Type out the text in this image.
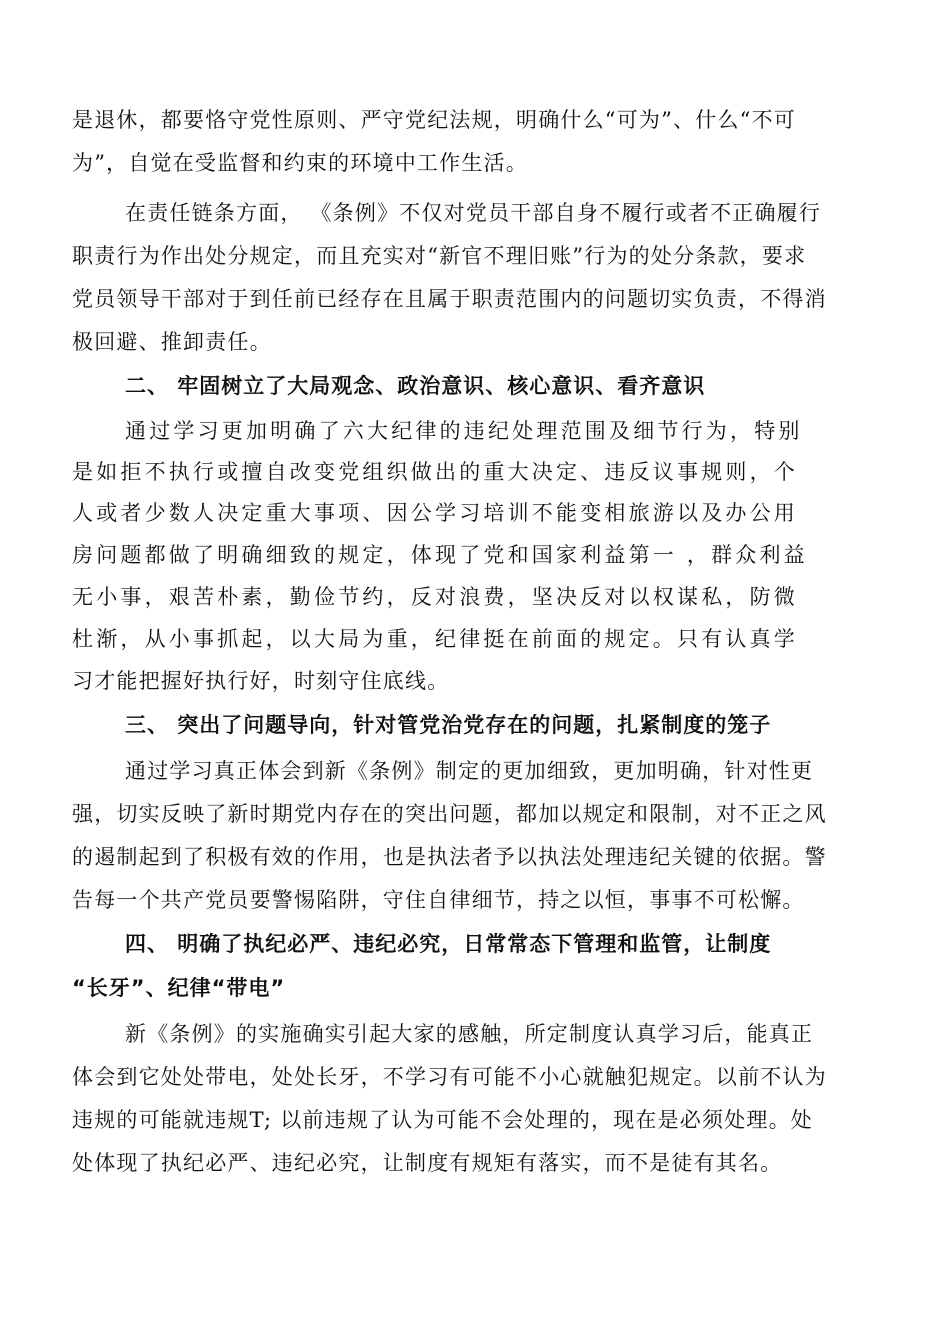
是退休，都要恪守党性原则、严守党纪法规，明确什么“可为”、什么“不可
为”，自觉在受监督和约束的环境中工作生活。
在责任链条方面， 《条例》不仅对党员干部自身不履行或者不正确履行
职责行为作出处分规定，而且充实对“新官不理旧账”行为的处分条款，要求
党员领导干部对于到任前已经存在且属于职责范围内的问题切实负责，不得消
极回避、推卸责任。
二、 牢固树立了大局观念、政治意识、核心意识、看齐意识
通过学习更加明确了六大纪律的违纪处理范围及细节行为，特别
是如拒不执行或擅自改变党组织做出的重大决定、违反议事规则，个
人或者少数人决定重大事项、因公学习培训不能变相旅游以及办公用
房问题都做了明确细致的规定，体现了党和国家利益第一 ，群众利益
无小事，艰苦朴素，勤俭节约，反对浪费，坚决反对以权谋私，防微
杜渐，从小事抓起，以大局为重，纪律挺在前面的规定。只有认真学
习才能把握好执行好，时刻守住底线。
三、 突出了问题导向，针对管党治党存在的问题，扎紧制度的笼子
通过学习真正体会到新《条例》制定的更加细致，更加明确，针对性更
强，切实反映了新时期党内存在的突出问题，都加以规定和限制，对不正之风
的遏制起到了积极有效的作用，也是执法者予以执法处理违纪关键的依据。警
告每一个共产党员要警惕陷阱，守住自律细节，持之以恒，事事不可松懈。
四、 明确了执纪必严、违纪必究，日常常态下管理和监管，让制度
“长牙”、纪律“带电”
新《条例》的实施确实引起大家的感触，所定制度认真学习后，能真正
体会到它处处带电，处处长牙，不学习有可能不小心就触犯规定。以前不认为
违规的可能就违规T; 以前违规了认为可能不会处理的，现在是必须处理。处
处体现了执纪必严、违纪必究，让制度有规矩有落实，而不是徒有其名。
